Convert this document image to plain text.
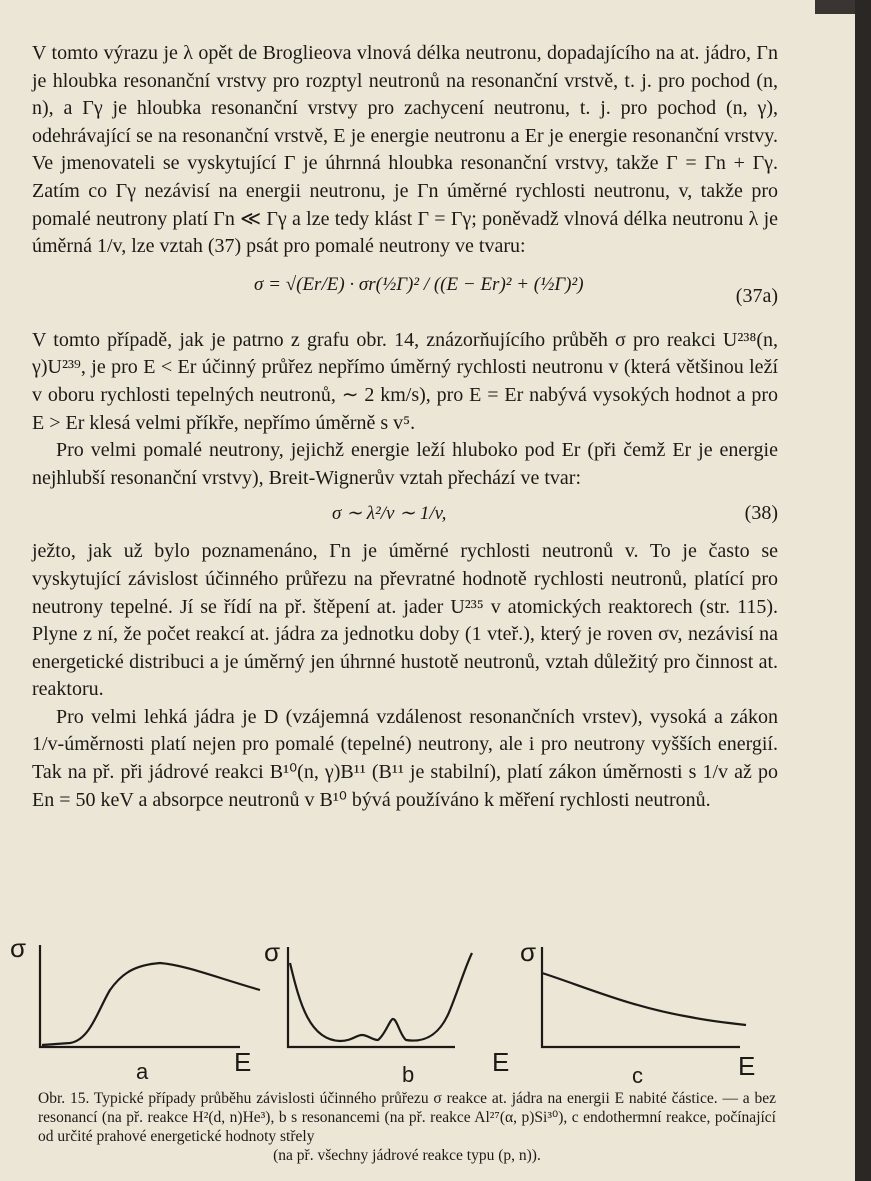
V tomto výrazu je λ opět de Broglieova vlnová délka neutronu, dopadajícího na at. jádro, Γn je hloubka resonanční vrstvy pro rozptyl neutronů na resonanční vrstvě, t. j. pro pochod (n, n), a Γγ je hloubka resonanční vrstvy pro zachycení neutronu, t. j. pro pochod (n, γ), odehrávající se na resonanční vrstvě, E je energie neutronu a Er je energie resonanční vrstvy. Ve jmenovateli se vyskytující Γ je úhrnná hloubka resonanční vrstvy, takže Γ = Γn + Γγ. Zatím co Γγ nezávisí na energii neutronu, je Γn úměrné rychlosti neutronu, v, takže pro pomalé neutrony platí Γn ≪ Γγ a lze tedy klást Γ = Γγ; poněvadž vlnová délka neutronu λ je úměrná 1/v, lze vztah (37) psát pro pomalé neutrony ve tvaru:

σ = √(Er/E) · σr(½Γ)² / ((E − Er)² + (½Γ)²)
(37a)

V tomto případě, jak je patrno z grafu obr. 14, znázorňujícího průběh σ pro reakci U²³⁸(n, γ)U²³⁹, je pro E < Er účinný průřez nepřímo úměrný rychlosti neutronu v (která většinou leží v oboru rychlosti tepelných neutronů, ∼ 2 km/s), pro E = Er nabývá vysokých hodnot a pro E > Er klesá velmi příkře, nepřímo úměrně s v⁵.

Pro velmi pomalé neutrony, jejichž energie leží hluboko pod Er (při čemž Er je energie nejhlubší resonanční vrstvy), Breit-Wignerův vztah přechází ve tvar:

σ ∼ λ²/v ∼ 1/v,	(38)

ježto, jak už bylo poznamenáno, Γn je úměrné rychlosti neutronů v. To je často se vyskytující závislost účinného průřezu na převratné hodnotě rychlosti neutronů, platící pro neutrony tepelné. Jí se řídí na př. štěpení at. jader U²³⁵ v atomických reaktorech (str. 115). Plyne z ní, že počet reakcí at. jádra za jednotku doby (1 vteř.), který je roven σv, nezávisí na energetické distribuci a je úměrný jen úhrnné hustotě neutronů, vztah důležitý pro činnost at. reaktoru.

Pro velmi lehká jádra je D (vzájemná vzdálenost resonančních vrstev), vysoká a zákon 1/v-úměrnosti platí nejen pro pomalé (tepelné) neutrony, ale i pro neutrony vyšších energií. Tak na př. při jádrové reakci B¹⁰(n, γ)B¹¹ (B¹¹ je stabilní), platí zákon úměrnosti s 1/v až po En = 50 keV a absorpce neutronů v B¹⁰ bývá používáno k měření rychlosti neutronů.

σ
E
a
σ
E
b
σ
E
c
Obr. 15. Typické případy průběhu závislosti účinného průřezu σ reakce at. jádra na energii E nabité částice. — a bez resonancí (na př. reakce H²(d, n)He³), b s resonancemi (na př. reakce Al²⁷(α, p)Si³⁰), c endothermní reakce, počínající od určité prahové energetické hodnoty střely
(na př. všechny jádrové reakce typu (p, n)).
